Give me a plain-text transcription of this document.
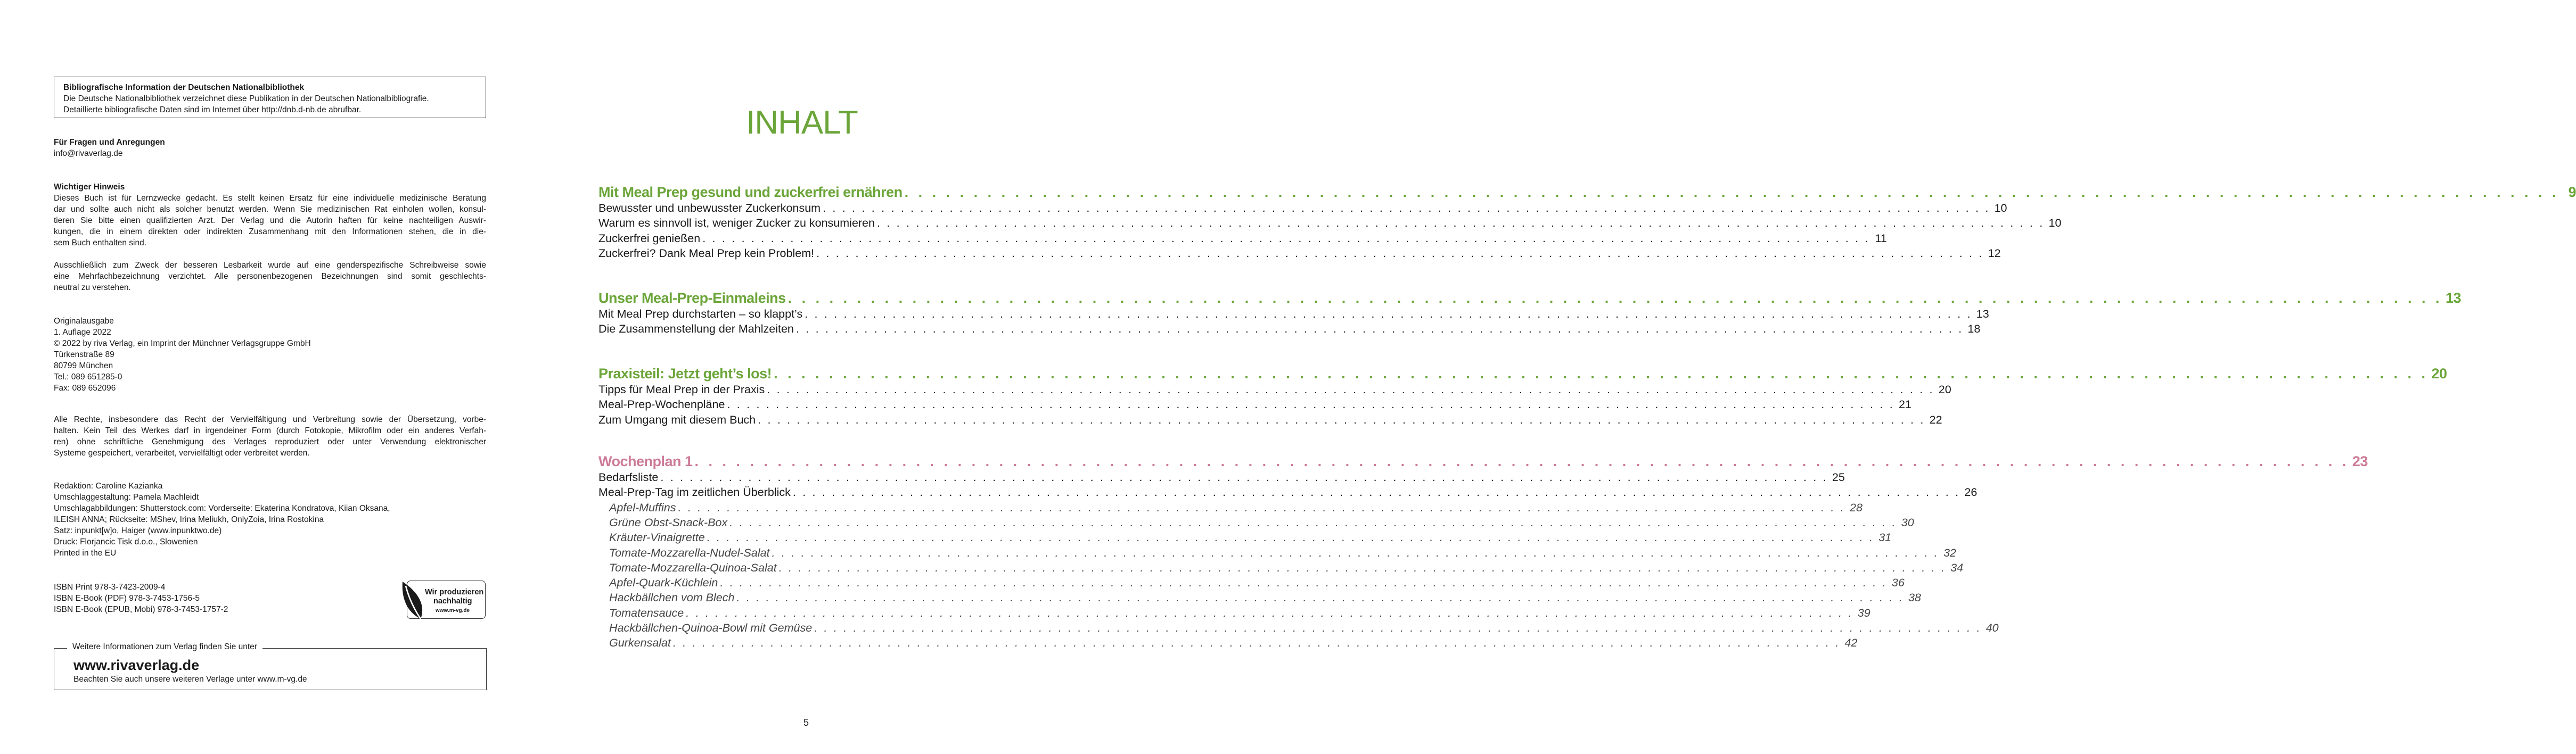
Bibliografische Information der Deutschen Nationalbibliothek
Die Deutsche Nationalbibliothek verzeichnet diese Publikation in der Deutschen Nationalbibliografie.
Detaillierte bibliografische Daten sind im Internet über http://dnb.d-nb.de abrufbar.
Für Fragen und Anregungen
info@rivaverlag.de
Wichtiger Hinweis
Dieses Buch ist für Lernzwecke gedacht. Es stellt keinen Ersatz für eine individuelle medizinische Beratung
dar und sollte auch nicht als solcher benutzt werden. Wenn Sie medizinischen Rat einholen wollen, konsul-
tieren Sie bitte einen qualifizierten Arzt. Der Verlag und die Autorin haften für keine nachteiligen Auswir-
kungen, die in einem direkten oder indirekten Zusammenhang mit den Informationen stehen, die in die-
sem Buch enthalten sind.
Ausschließlich zum Zweck der besseren Lesbarkeit wurde auf eine genderspezifische Schreibweise sowie
eine Mehrfachbezeichnung verzichtet. Alle personenbezogenen Bezeichnungen sind somit geschlechts-
neutral zu verstehen.
Originalausgabe
1. Auflage 2022
© 2022 by riva Verlag, ein Imprint der Münchner Verlagsgruppe GmbH
Türkenstraße 89
80799 München
Tel.: 089 651285-0
Fax: 089 652096
Alle Rechte, insbesondere das Recht der Vervielfältigung und Verbreitung sowie der Übersetzung, vorbe-
halten. Kein Teil des Werkes darf in irgendeiner Form (durch Fotokopie, Mikrofilm oder ein anderes Verfah-
ren) ohne schriftliche Genehmigung des Verlages reproduziert oder unter Verwendung elektronischer
Systeme gespeichert, verarbeitet, vervielfältigt oder verbreitet werden.
Redaktion: Caroline Kazianka
Umschlaggestaltung: Pamela Machleidt
Umschlagabbildungen: Shutterstock.com: Vorderseite: Ekaterina Kondratova, Kiian Oksana,
ILEISH ANNA; Rückseite: MShev, Irina Meliukh, OnlyZoia, Irina Rostokina
Satz: inpunkt[w]o, Haiger (www.inpunktwo.de)
Druck: Florjancic Tisk d.o.o., Slowenien
Printed in the EU
ISBN Print 978-3-7423-2009-4
ISBN E-Book (PDF) 978-3-7453-1756-5
ISBN E-Book (EPUB, Mobi) 978-3-7453-1757-2
Wir produzieren
nachhaltig
www.m-vg.de
Weitere Informationen zum Verlag finden Sie unter
www.rivaverlag.de
Beachten Sie auch unsere weiteren Verlage unter www.m-vg.de
INHALT
Mit Meal Prep gesund und zuckerfrei ernähren . . . . . . . . . . . . . . . . . . . . . . . . . . . . . . . . . . . . . . . . . . . . . . . . . . . . . . . . . . . . . . . . . . . . . . . . . . . . . . . . . . . . . . . . . . . . . . . . . . . . . . . . . . . . . . . . . . . . . . . . 9
Bewusster und unbewusster Zuckerkonsum . . . . . . . . . . . . . . . . . . . . . . . . . . . . . . . . . . . . . . . . . . . . . . . . . . . . . . . . . . . . . . . . . . . . . . . . . . . . . . . . . . . . . . . . . . . . . . . . . . . . . . . . . . . . . . . . . . . . . . . . 10
Warum es sinnvoll ist, weniger Zucker zu konsumieren . . . . . . . . . . . . . . . . . . . . . . . . . . . . . . . . . . . . . . . . . . . . . . . . . . . . . . . . . . . . . . . . . . . . . . . . . . . . . . . . . . . . . . . . . . . . . . . . . . . . . . . . . . . . . . . . . . . . . . . . 10
Zuckerfrei genießen . . . . . . . . . . . . . . . . . . . . . . . . . . . . . . . . . . . . . . . . . . . . . . . . . . . . . . . . . . . . . . . . . . . . . . . . . . . . . . . . . . . . . . . . . . . . . . . . . . . . . . . . . . . . . . . . . . . . . . . . 11
Zuckerfrei? Dank Meal Prep kein Problem! . . . . . . . . . . . . . . . . . . . . . . . . . . . . . . . . . . . . . . . . . . . . . . . . . . . . . . . . . . . . . . . . . . . . . . . . . . . . . . . . . . . . . . . . . . . . . . . . . . . . . . . . . . . . . . . . . . . . . . . . 12
Unser Meal-Prep-Einmaleins . . . . . . . . . . . . . . . . . . . . . . . . . . . . . . . . . . . . . . . . . . . . . . . . . . . . . . . . . . . . . . . . . . . . . . . . . . . . . . . . . . . . . . . . . . . . . . . . . . . . . . . . . . . . . . . . . . . . . . . . 13
Mit Meal Prep durchstarten – so klappt’s . . . . . . . . . . . . . . . . . . . . . . . . . . . . . . . . . . . . . . . . . . . . . . . . . . . . . . . . . . . . . . . . . . . . . . . . . . . . . . . . . . . . . . . . . . . . . . . . . . . . . . . . . . . . . . . . . . . . . . . . 13
Die Zusammenstellung der Mahlzeiten . . . . . . . . . . . . . . . . . . . . . . . . . . . . . . . . . . . . . . . . . . . . . . . . . . . . . . . . . . . . . . . . . . . . . . . . . . . . . . . . . . . . . . . . . . . . . . . . . . . . . . . . . . . . . . . . . . . . . . . . 18
Praxisteil: Jetzt geht’s los! . . . . . . . . . . . . . . . . . . . . . . . . . . . . . . . . . . . . . . . . . . . . . . . . . . . . . . . . . . . . . . . . . . . . . . . . . . . . . . . . . . . . . . . . . . . . . . . . . . . . . . . . . . . . . . . . . . . . . . . . 20
Tipps für Meal Prep in der Praxis . . . . . . . . . . . . . . . . . . . . . . . . . . . . . . . . . . . . . . . . . . . . . . . . . . . . . . . . . . . . . . . . . . . . . . . . . . . . . . . . . . . . . . . . . . . . . . . . . . . . . . . . . . . . . . . . . . . . . . . . 20
Meal-Prep-Wochenpläne . . . . . . . . . . . . . . . . . . . . . . . . . . . . . . . . . . . . . . . . . . . . . . . . . . . . . . . . . . . . . . . . . . . . . . . . . . . . . . . . . . . . . . . . . . . . . . . . . . . . . . . . . . . . . . . . . . . . . . . . 21
Zum Umgang mit diesem Buch . . . . . . . . . . . . . . . . . . . . . . . . . . . . . . . . . . . . . . . . . . . . . . . . . . . . . . . . . . . . . . . . . . . . . . . . . . . . . . . . . . . . . . . . . . . . . . . . . . . . . . . . . . . . . . . . . . . . . . . . 22
Wochenplan 1 . . . . . . . . . . . . . . . . . . . . . . . . . . . . . . . . . . . . . . . . . . . . . . . . . . . . . . . . . . . . . . . . . . . . . . . . . . . . . . . . . . . . . . . . . . . . . . . . . . . . . . . . . . . . . . . . . . . . . . . . 23
Bedarfsliste . . . . . . . . . . . . . . . . . . . . . . . . . . . . . . . . . . . . . . . . . . . . . . . . . . . . . . . . . . . . . . . . . . . . . . . . . . . . . . . . . . . . . . . . . . . . . . . . . . . . . . . . . . . . . . . . . . . . . . . . 25
Meal-Prep-Tag im zeitlichen Überblick . . . . . . . . . . . . . . . . . . . . . . . . . . . . . . . . . . . . . . . . . . . . . . . . . . . . . . . . . . . . . . . . . . . . . . . . . . . . . . . . . . . . . . . . . . . . . . . . . . . . . . . . . . . . . . . . . . . . . . . . 26
Apfel-Muffins . . . . . . . . . . . . . . . . . . . . . . . . . . . . . . . . . . . . . . . . . . . . . . . . . . . . . . . . . . . . . . . . . . . . . . . . . . . . . . . . . . . . . . . . . . . . . . . . . . . . . . . . . . . . . . . . . . . . . . . . 28
Grüne Obst-Snack-Box . . . . . . . . . . . . . . . . . . . . . . . . . . . . . . . . . . . . . . . . . . . . . . . . . . . . . . . . . . . . . . . . . . . . . . . . . . . . . . . . . . . . . . . . . . . . . . . . . . . . . . . . . . . . . . . . . . . . . . . . 30
Kräuter-Vinaigrette . . . . . . . . . . . . . . . . . . . . . . . . . . . . . . . . . . . . . . . . . . . . . . . . . . . . . . . . . . . . . . . . . . . . . . . . . . . . . . . . . . . . . . . . . . . . . . . . . . . . . . . . . . . . . . . . . . . . . . . . 31
Tomate-Mozzarella-Nudel-Salat . . . . . . . . . . . . . . . . . . . . . . . . . . . . . . . . . . . . . . . . . . . . . . . . . . . . . . . . . . . . . . . . . . . . . . . . . . . . . . . . . . . . . . . . . . . . . . . . . . . . . . . . . . . . . . . . . . . . . . . . 32
Tomate-Mozzarella-Quinoa-Salat . . . . . . . . . . . . . . . . . . . . . . . . . . . . . . . . . . . . . . . . . . . . . . . . . . . . . . . . . . . . . . . . . . . . . . . . . . . . . . . . . . . . . . . . . . . . . . . . . . . . . . . . . . . . . . . . . . . . . . . . 34
Apfel-Quark-Küchlein . . . . . . . . . . . . . . . . . . . . . . . . . . . . . . . . . . . . . . . . . . . . . . . . . . . . . . . . . . . . . . . . . . . . . . . . . . . . . . . . . . . . . . . . . . . . . . . . . . . . . . . . . . . . . . . . . . . . . . . . 36
Hackbällchen vom Blech . . . . . . . . . . . . . . . . . . . . . . . . . . . . . . . . . . . . . . . . . . . . . . . . . . . . . . . . . . . . . . . . . . . . . . . . . . . . . . . . . . . . . . . . . . . . . . . . . . . . . . . . . . . . . . . . . . . . . . . . 38
Tomatensauce . . . . . . . . . . . . . . . . . . . . . . . . . . . . . . . . . . . . . . . . . . . . . . . . . . . . . . . . . . . . . . . . . . . . . . . . . . . . . . . . . . . . . . . . . . . . . . . . . . . . . . . . . . . . . . . . . . . . . . . . 39
Hackbällchen-Quinoa-Bowl mit Gemüse . . . . . . . . . . . . . . . . . . . . . . . . . . . . . . . . . . . . . . . . . . . . . . . . . . . . . . . . . . . . . . . . . . . . . . . . . . . . . . . . . . . . . . . . . . . . . . . . . . . . . . . . . . . . . . . . . . . . . . . . 40
Gurkensalat . . . . . . . . . . . . . . . . . . . . . . . . . . . . . . . . . . . . . . . . . . . . . . . . . . . . . . . . . . . . . . . . . . . . . . . . . . . . . . . . . . . . . . . . . . . . . . . . . . . . . . . . . . . . . . . . . . . . . . . . 42
5
